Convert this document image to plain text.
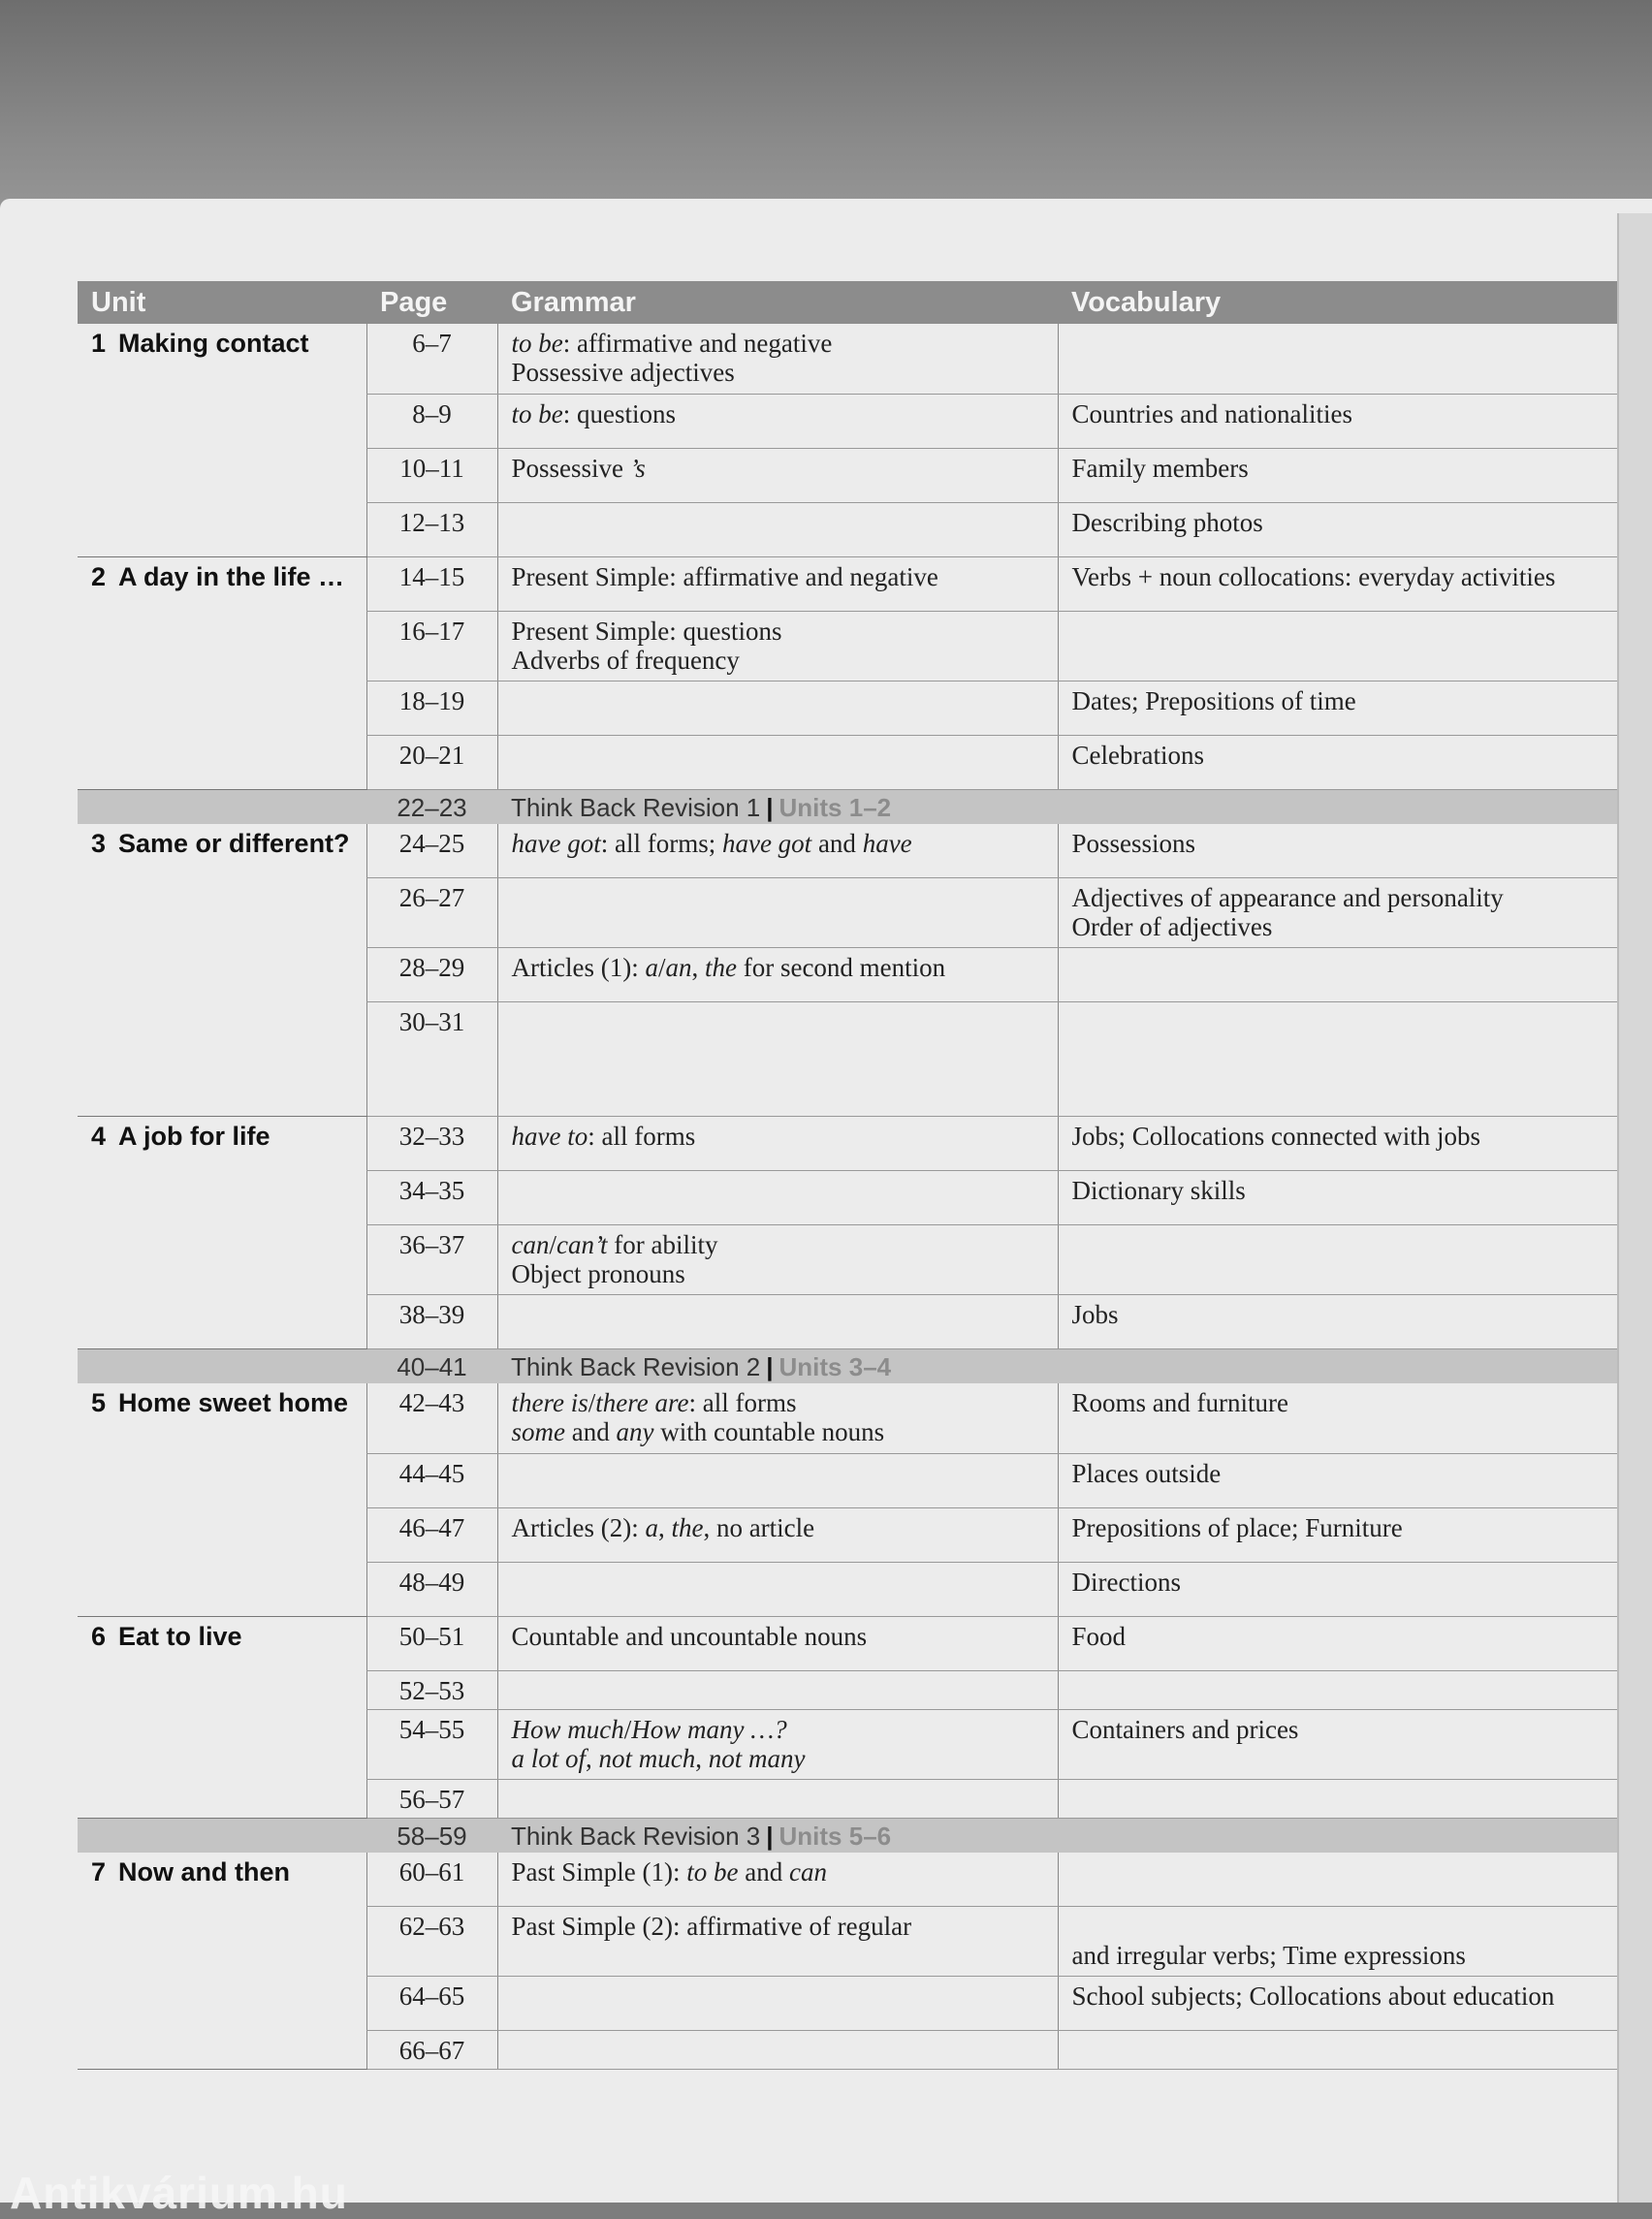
Unit	Page	Grammar	Vocabulary
1 Making contact	6–7	to be: affirmative and negative
Possessive adjectives	

	8–9	to be: questions	Countries and nationalities

	10–11	Possessive ’s	Family members

	12–13		Describing photos

2 A day in the life …	14–15	Present Simple: affirmative and negative	Verbs + noun collocations: everyday activities

	16–17	Present Simple: questions
Adverbs of frequency	

	18–19		Dates; Prepositions of time

	20–21		Celebrations

	22–23	Think Back Revision 1 | Units 1–2	
3 Same or different?	24–25	have got: all forms; have got and have	Possessions

	26–27		Adjectives of appearance and personality
Order of adjectives

	28–29	Articles (1): a/an, the for second mention	

	30–31	

4 A job for life	32–33	have to: all forms	Jobs; Collocations connected with jobs

	34–35		Dictionary skills

	36–37	can/can’t for ability
Object pronouns	

	38–39		Jobs

	40–41	Think Back Revision 2 | Units 3–4	
5 Home sweet home	42–43	there is/there are: all forms
some and any with countable nouns	Rooms and furniture

	44–45		Places outside

	46–47	Articles (2): a, the, no article	Prepositions of place; Furniture

	48–49		Directions

6 Eat to live	50–51	Countable and uncountable nouns	Food

	52–53	

	54–55	How much/How many …?
a lot of, not much, not many	Containers and prices

	56–57	

	58–59	Think Back Revision 3 | Units 5–6	
7 Now and then	60–61	Past Simple (1): to be and can	

	62–63	Past Simple (2): affirmative of regular	and irregular verbs; Time expressions

	64–65		School subjects; Collocations about education

	66–67	

Antikvárium.hu
